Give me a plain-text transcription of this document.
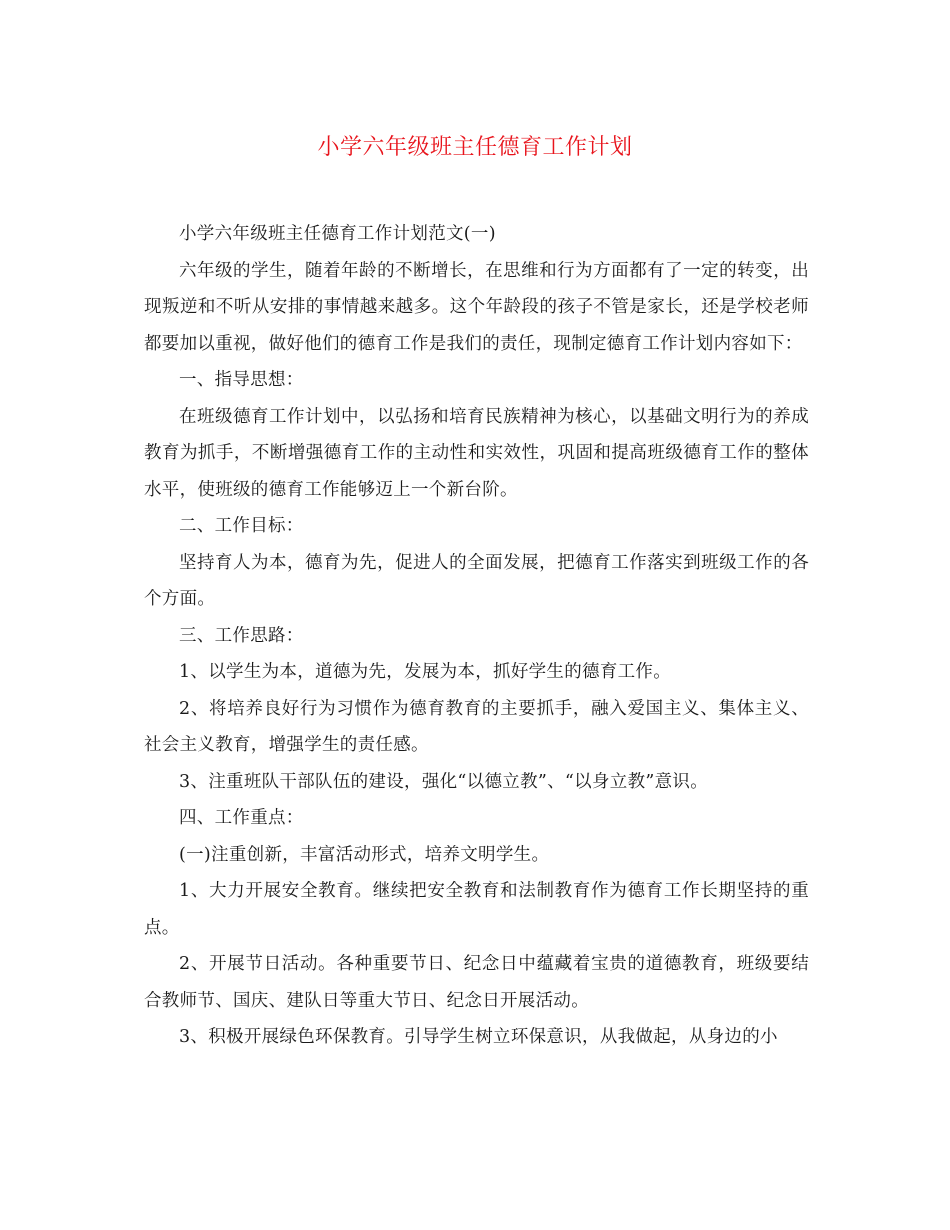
小学六年级班主任德育工作计划

小学六年级班主任德育工作计划范文(一)

六年级的学生，随着年龄的不断增长，在思维和行为方面都有了一定的转变，出现叛逆和不听从安排的事情越来越多。这个年龄段的孩子不管是家长，还是学校老师都要加以重视，做好他们的德育工作是我们的责任，现制定德育工作计划内容如下：

一、指导思想：

在班级德育工作计划中，以弘扬和培育民族精神为核心，以基础文明行为的养成教育为抓手，不断增强德育工作的主动性和实效性，巩固和提高班级德育工作的整体水平，使班级的德育工作能够迈上一个新台阶。

二、工作目标：

坚持育人为本，德育为先，促进人的全面发展，把德育工作落实到班级工作的各个方面。

三、工作思路：

1、以学生为本，道德为先，发展为本，抓好学生的德育工作。

2、将培养良好行为习惯作为德育教育的主要抓手，融入爱国主义、集体主义、社会主义教育，增强学生的责任感。

3、注重班队干部队伍的建设，强化“以德立教”、“以身立教”意识。

四、工作重点：

(一)注重创新，丰富活动形式，培养文明学生。

1、大力开展安全教育。继续把安全教育和法制教育作为德育工作长期坚持的重点。

2、开展节日活动。各种重要节日、纪念日中蕴藏着宝贵的道德教育，班级要结合教师节、国庆、建队日等重大节日、纪念日开展活动。

3、积极开展绿色环保教育。引导学生树立环保意识，从我做起，从身边的小
